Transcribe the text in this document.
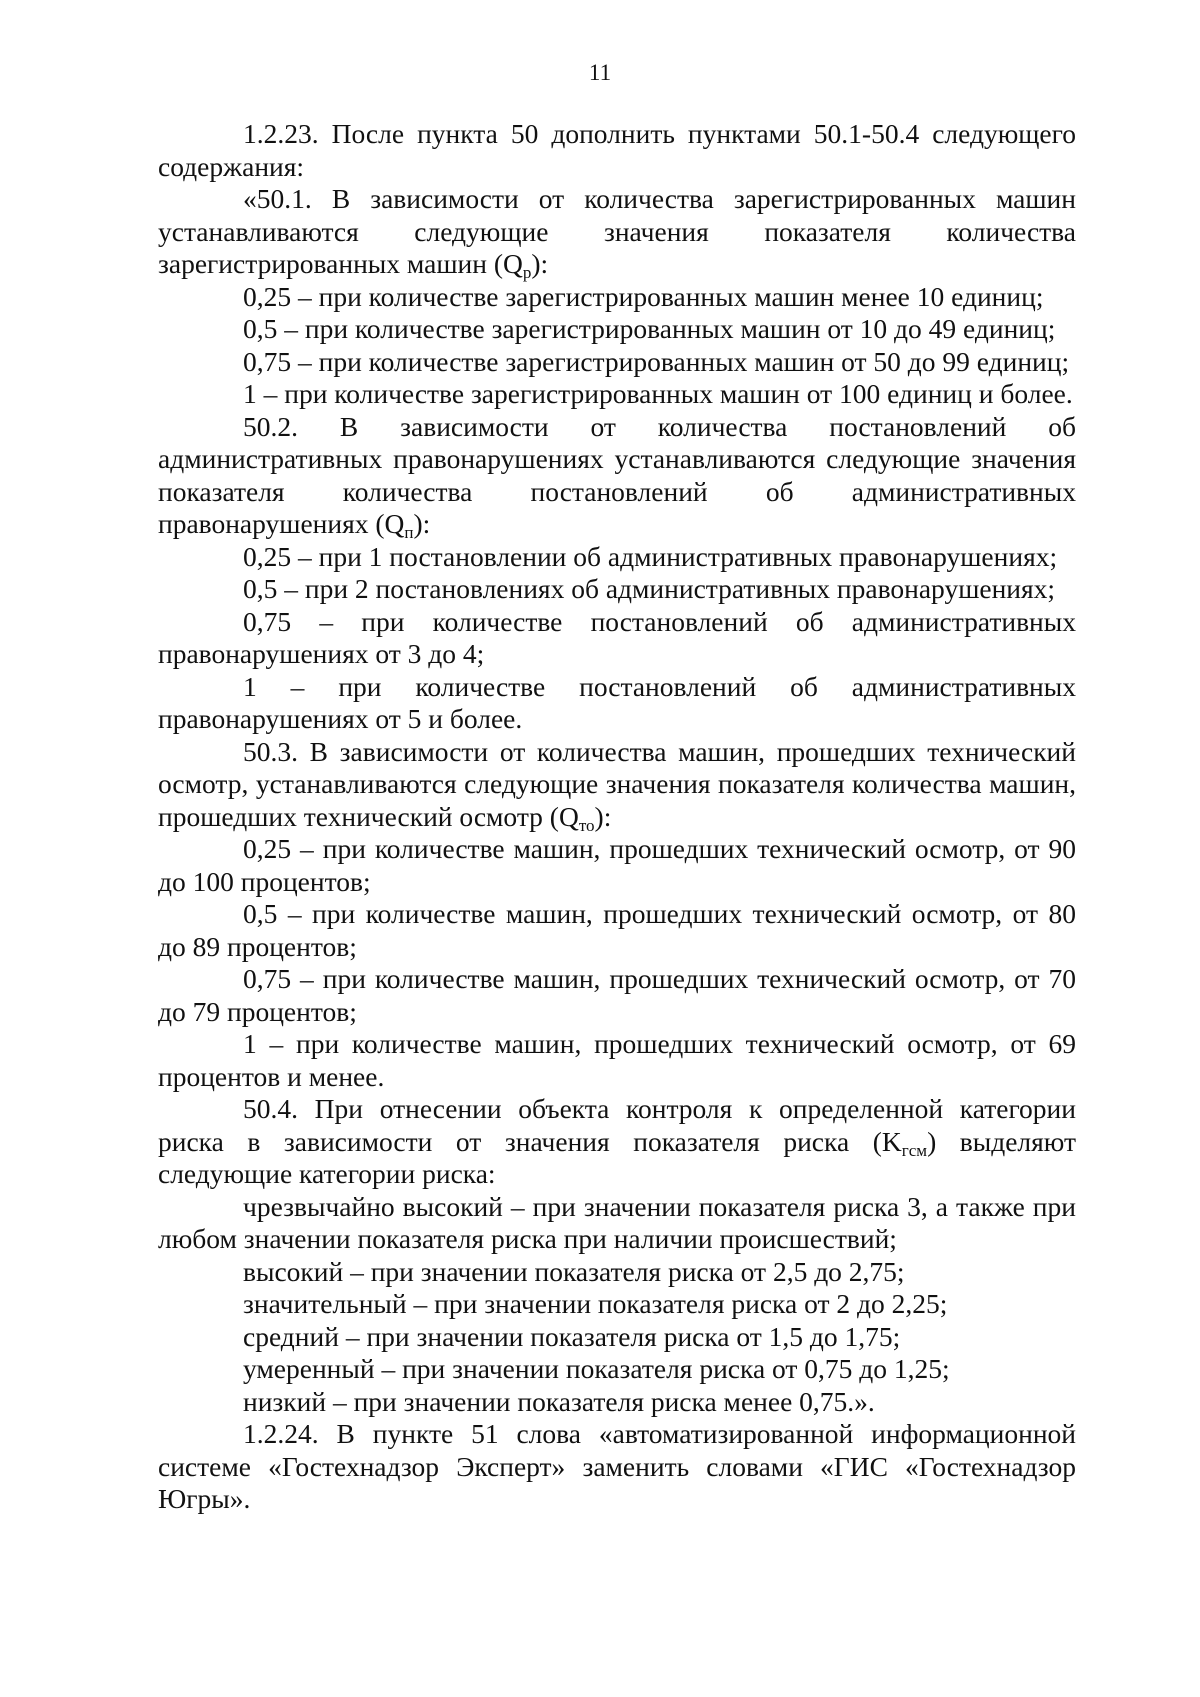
11

1.2.23. После пункта 50 дополнить пунктами 50.1-50.4 следующего содержания:

«50.1. В зависимости от количества зарегистрированных машин устанавливаются следующие значения показателя количества зарегистрированных машин $(Q_р)$:

0,25 – при количестве зарегистрированных машин менее 10 единиц;

0,5 – при количестве зарегистрированных машин от 10 до 49 единиц;

0,75 – при количестве зарегистрированных машин от 50 до 99 единиц;

1 – при количестве зарегистрированных машин от 100 единиц и более.

50.2. В зависимости от количества постановлений об административных правонарушениях устанавливаются следующие значения показателя количества постановлений об административных правонарушениях $(Q_п)$:

0,25 – при 1 постановлении об административных правонарушениях;

0,5 – при 2 постановлениях об административных правонарушениях;

0,75 – при количестве постановлений об административных правонарушениях от 3 до 4;

1 – при количестве постановлений об административных правонарушениях от 5 и более.

50.3. В зависимости от количества машин, прошедших технический осмотр, устанавливаются следующие значения показателя количества машин, прошедших технический осмотр $(Q_{то})$:

0,25 – при количестве машин, прошедших технический осмотр, от 90 до 100 процентов;

0,5 – при количестве машин, прошедших технический осмотр, от 80 до 89 процентов;

0,75 – при количестве машин, прошедших технический осмотр, от 70 до 79 процентов;

1 – при количестве машин, прошедших технический осмотр, от 69 процентов и менее.

50.4. При отнесении объекта контроля к определенной категории риска в зависимости от значения показателя риска $(K_{гсм})$ выделяют следующие категории риска:

чрезвычайно высокий – при значении показателя риска 3, а также при любом значении показателя риска при наличии происшествий;

высокий – при значении показателя риска от 2,5 до 2,75;

значительный – при значении показателя риска от 2 до 2,25;

средний – при значении показателя риска от 1,5 до 1,75;

умеренный – при значении показателя риска от 0,75 до 1,25;

низкий – при значении показателя риска менее 0,75.».

1.2.24. В пункте 51 слова «автоматизированной информационной системе «Гостехнадзор Эксперт» заменить словами «ГИС «Гостехнадзор Югры».
